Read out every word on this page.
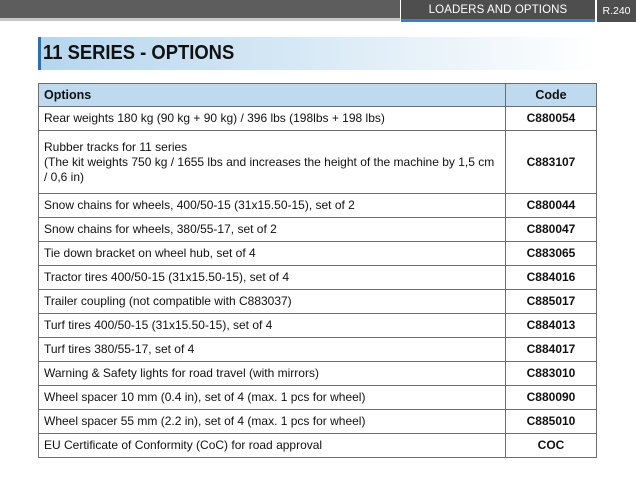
LOADERS AND OPTIONS	R.240
11 SERIES - OPTIONS
Options	Code
Rear weights 180 kg (90 kg + 90 kg) / 396 lbs (198lbs + 198 lbs)	C880054
Rubber tracks for 11 series
(The kit weights 750 kg / 1655 lbs and increases the height of the machine by 1,5 cm / 0,6 in)	C883107
Snow chains for wheels, 400/50-15 (31x15.50-15), set of 2	C880044
Snow chains for wheels, 380/55-17, set of 2	C880047
Tie down bracket on wheel hub, set of 4	C883065
Tractor tires 400/50-15 (31x15.50-15), set of 4	C884016
Trailer coupling (not compatible with C883037)	C885017
Turf tires 400/50-15 (31x15.50-15), set of 4	C884013
Turf tires 380/55-17, set of 4	C884017
Warning & Safety lights for road travel (with mirrors)	C883010
Wheel spacer 10 mm (0.4 in), set of 4 (max. 1 pcs for wheel)	C880090
Wheel spacer 55 mm (2.2 in), set of 4 (max. 1 pcs for wheel)	C885010
EU Certificate of Conformity (CoC) for road approval	COC
